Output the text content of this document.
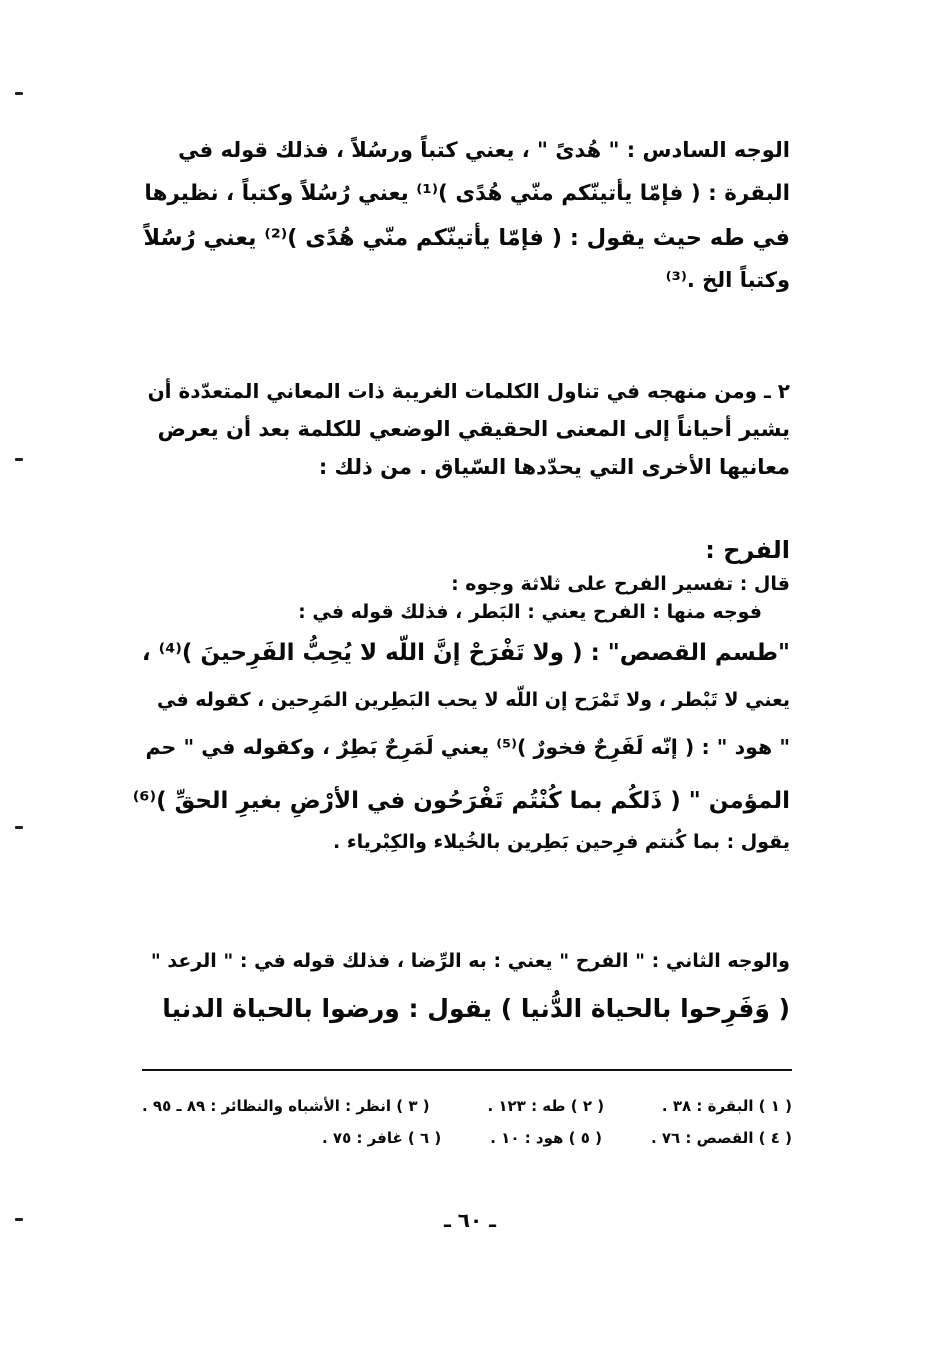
الوجه السادس : " هُدىً " ، يعني كتباً ورسُلاً ، فذلك قوله في
البقرة : ( فإمّا يأتينّكم منّي هُدًى )⁽¹⁾ يعني رُسُلاً وكتباً ، نظيرها
في طه حيث يقول : ( فإمّا يأتينّكم منّي هُدًى )⁽²⁾ يعني رُسُلاً
وكتباً الخ .⁽³⁾
٢ ـ ومن منهجه في تناول الكلمات الغريبة ذات المعاني المتعدّدة أن
يشير أحياناً إلى المعنى الحقيقي الوضعي للكلمة بعد أن يعرض
معانيها الأخرى التي يحدّدها السّياق . من ذلك :
الفرح :
قال : تفسير الفرح على ثلاثة وجوه :
فوجه منها : الفرح يعني : البَطر ، فذلك قوله في :
"طسم القصص" : ( ولا تَفْرَحْ إنَّ اللّه لا يُحِبُّ الفَرِحينَ )⁽⁴⁾ ،
يعني لا تَبْطر ، ولا تَمْرَح إن اللّه لا يحب البَطِرين المَرِحين ، كقوله في
" هود " : ( إنّه لَفَرِحٌ فخورٌ )⁽⁵⁾ يعني لَمَرِحٌ بَطِرٌ ، وكقوله في " حم
المؤمن " ( ذَلكُم بما كُنْتُم تَفْرَحُون في الأرْضِ بغيرِ الحقِّ )⁽⁶⁾
يقول : بما كُنتم فرِحين بَطِرين بالخُيلاء والكِبْرياء .
والوجه الثاني : " الفرح " يعني : به الرِّضا ، فذلك قوله في : " الرعد "
( وَفَرِحوا بالحياة الدُّنيا ) يقول : ورضوا بالحياة الدنيا
( ١ ) البقرة : ٣٨ .
( ٢ ) طه : ١٢٣ .
( ٣ ) انظر : الأشباه والنظائر : ٨٩ ـ ٩٥ .
( ٤ ) القصص : ٧٦ .
( ٥ ) هود : ١٠ .
( ٦ ) غافر : ٧٥ .
ـ ٦٠ ـ
